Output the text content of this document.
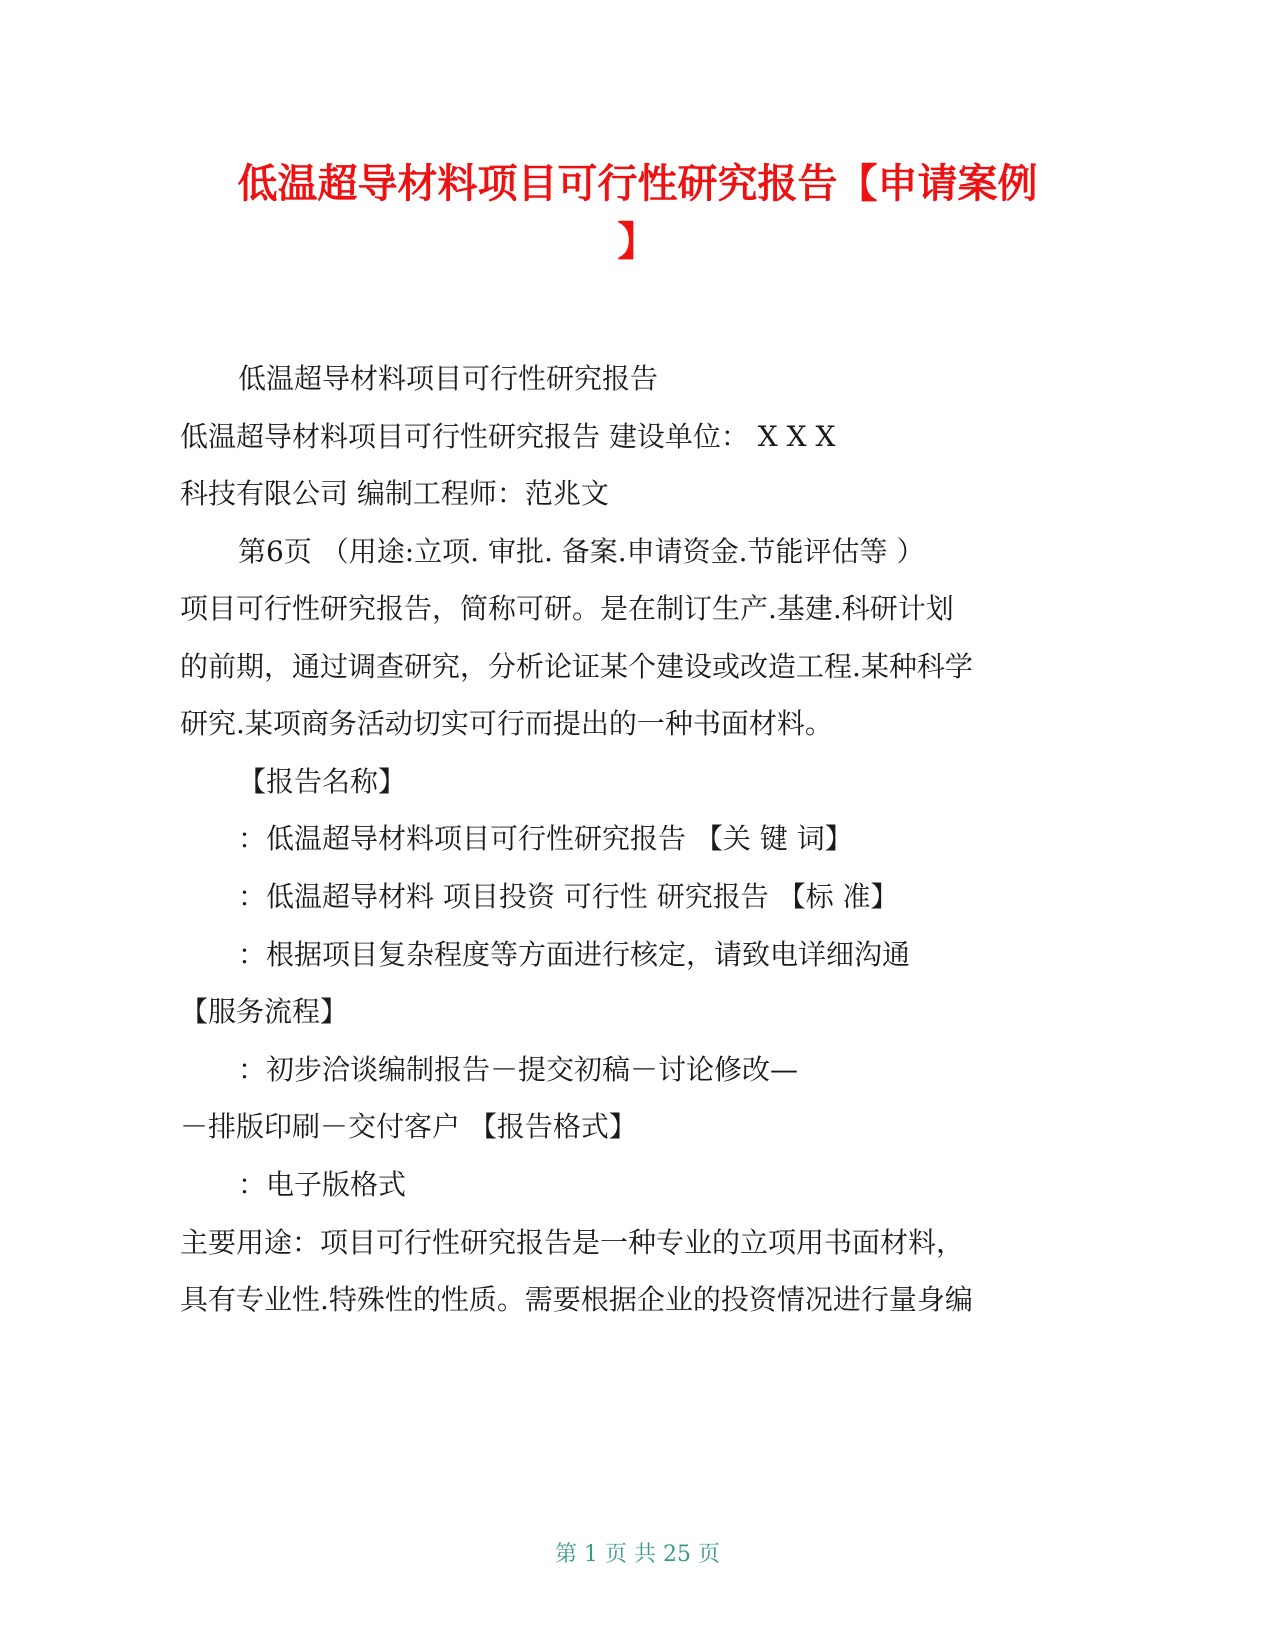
低温超导材料项目可行性研究报告【申请案例
】
低温超导材料项目可行性研究报告
低温超导材料项目可行性研究报告 建设单位： X X X
科技有限公司 编制工程师：范兆文
第6页 （用途:立项. 审批. 备案.申请资金.节能评估等 ）
项目可行性研究报告，简称可研。是在制订生产.基建.科研计划
的前期，通过调查研究，分析论证某个建设或改造工程.某种科学
研究.某项商务活动切实可行而提出的一种书面材料。
【报告名称】
：低温超导材料项目可行性研究报告 【关 键 词】
：低温超导材料 项目投资 可行性 研究报告 【标 准】
：根据项目复杂程度等方面进行核定，请致电详细沟通
【服务流程】
：初步洽谈编制报告－提交初稿－讨论修改—
－排版印刷－交付客户 【报告格式】
：电子版格式
主要用途：项目可行性研究报告是一种专业的立项用书面材料，
具有专业性.特殊性的性质。需要根据企业的投资情况进行量身编
第 1 页 共 25 页
